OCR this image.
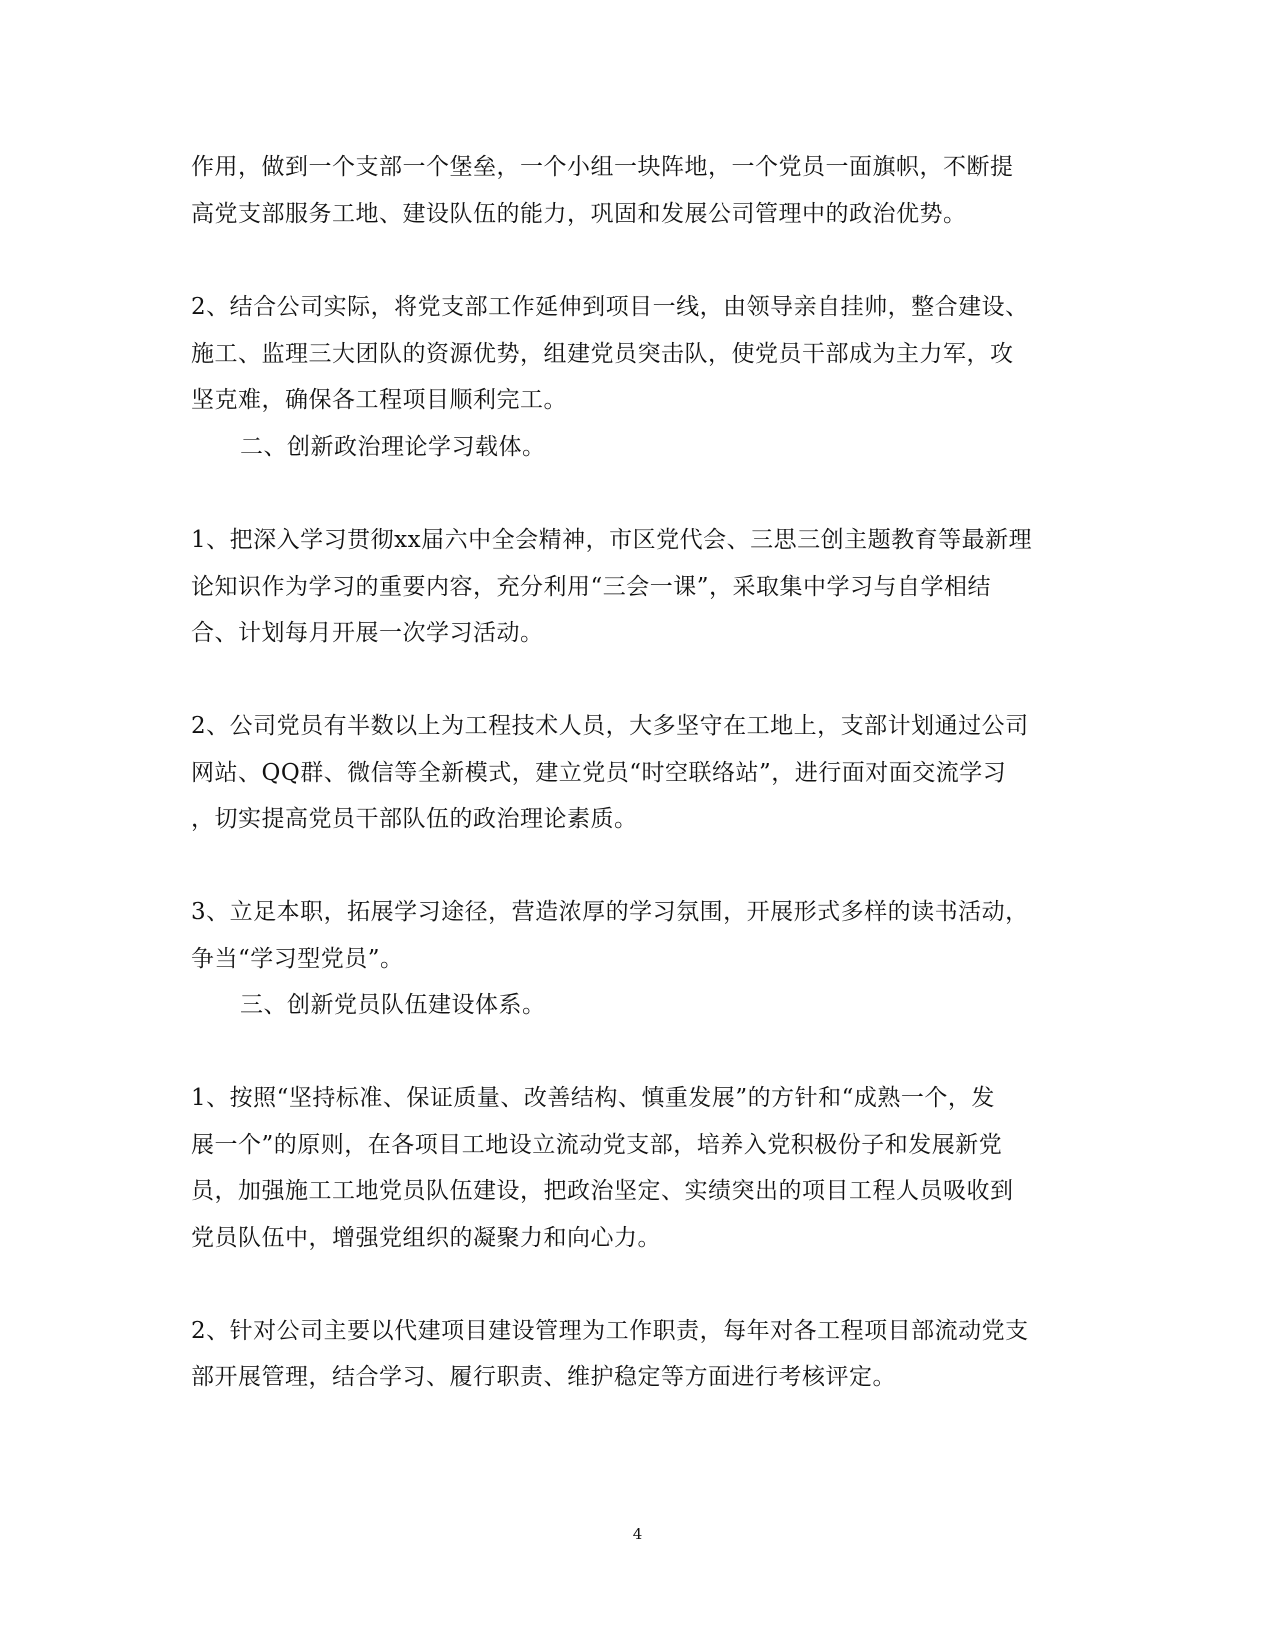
作用，做到一个支部一个堡垒，一个小组一块阵地，一个党员一面旗帜，不断提
高党支部服务工地、建设队伍的能力，巩固和发展公司管理中的政治优势。
2、结合公司实际，将党支部工作延伸到项目一线，由领导亲自挂帅，整合建设、
施工、监理三大团队的资源优势，组建党员突击队，使党员干部成为主力军，攻
坚克难，确保各工程项目顺利完工。
二、创新政治理论学习载体。
1、把深入学习贯彻xx届六中全会精神，市区党代会、三思三创主题教育等最新理
论知识作为学习的重要内容，充分利用“三会一课”，采取集中学习与自学相结
合、计划每月开展一次学习活动。
2、公司党员有半数以上为工程技术人员，大多坚守在工地上，支部计划通过公司
网站、QQ群、微信等全新模式，建立党员“时空联络站”，进行面对面交流学习
，切实提高党员干部队伍的政治理论素质。
3、立足本职，拓展学习途径，营造浓厚的学习氛围，开展形式多样的读书活动，
争当“学习型党员”。
三、创新党员队伍建设体系。
1、按照“坚持标准、保证质量、改善结构、慎重发展”的方针和“成熟一个，发
展一个”的原则，在各项目工地设立流动党支部，培养入党积极份子和发展新党
员，加强施工工地党员队伍建设，把政治坚定、实绩突出的项目工程人员吸收到
党员队伍中，增强党组织的凝聚力和向心力。
2、针对公司主要以代建项目建设管理为工作职责，每年对各工程项目部流动党支
部开展管理，结合学习、履行职责、维护稳定等方面进行考核评定。
4
